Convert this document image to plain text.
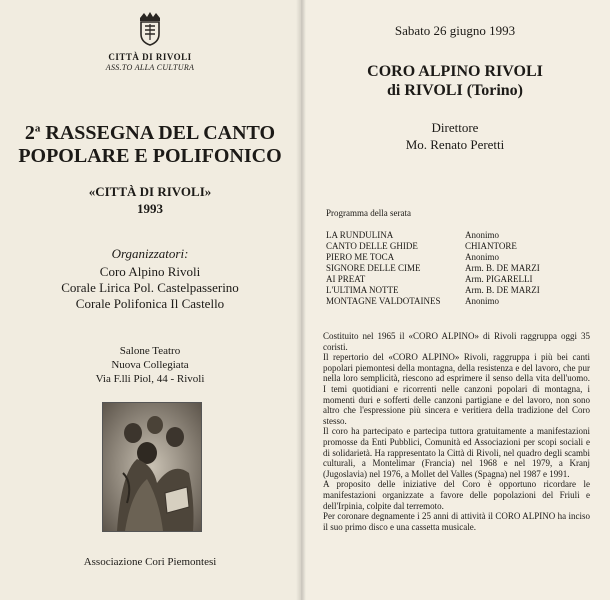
CITTÀ DI RIVOLI
ASS.TO ALLA CULTURA
2$^a$ RASSEGNA DEL CANTO
POPOLARE E POLIFONICO
«CITTÀ DI RIVOLI»
1993
Organizzatori:
Coro Alpino Rivoli
Corale Lirica Pol. Castelpasserino
Corale Polifonica Il Castello
Salone Teatro
Nuova Collegiata
Via F.lli Piol, 44 - Rivoli
Associazione Cori Piemontesi
Sabato 26 giugno 1993
CORO ALPINO RIVOLI
di RIVOLI (Torino)
Direttore
Mo. Renato Peretti
Programma della serata
LA RUNDULINA	Anonimo
CANTO DELLE GHIDE	CHIANTORE
PIERO ME TOCA	Anonimo
SIGNORE DELLE CIME	Arm. B. DE MARZI
AI PREAT	Arm. PIGARELLI
L'ULTIMA NOTTE	Arm. B. DE MARZI
MONTAGNE VALDOTAINES	Anonimo

Costituito nel 1965 il «CORO ALPINO» di Rivoli raggruppa oggi 35 coristi.

Il repertorio del «CORO ALPINO» Rivoli, raggruppa i più bei canti popolari piemontesi della montagna, della resistenza e del lavoro, che pur nella loro semplicità, riescono ad esprimere il senso della vita dell'uomo. I temi quotidiani e ricorrenti nelle canzoni popolari di montagna, i momenti duri e sofferti delle canzoni partigiane e del lavoro, non sono altro che l'espressione più sincera e veritiera della tradizione del Coro stesso.

Il coro ha partecipato e partecipa tuttora gratuitamente a manifestazioni promosse da Enti Pubblici, Comunità ed Associazioni per scopi sociali e di solidarietà. Ha rappresentato la Città di Rivoli, nel quadro degli scambi culturali, a Montelimar (Francia) nel 1968 e nel 1979, a Kranj (Jugoslavia) nel 1976, a Mollet del Valles (Spagna) nel 1987 e 1991.

A proposito delle iniziative del Coro è opportuno ricordare le manifestazioni organizzate a favore delle popolazioni del Friuli e dell'Irpinia, colpite dal terremoto.

Per coronare degnamente i 25 anni di attività il CORO ALPINO ha inciso il suo primo disco e una cassetta musicale.
